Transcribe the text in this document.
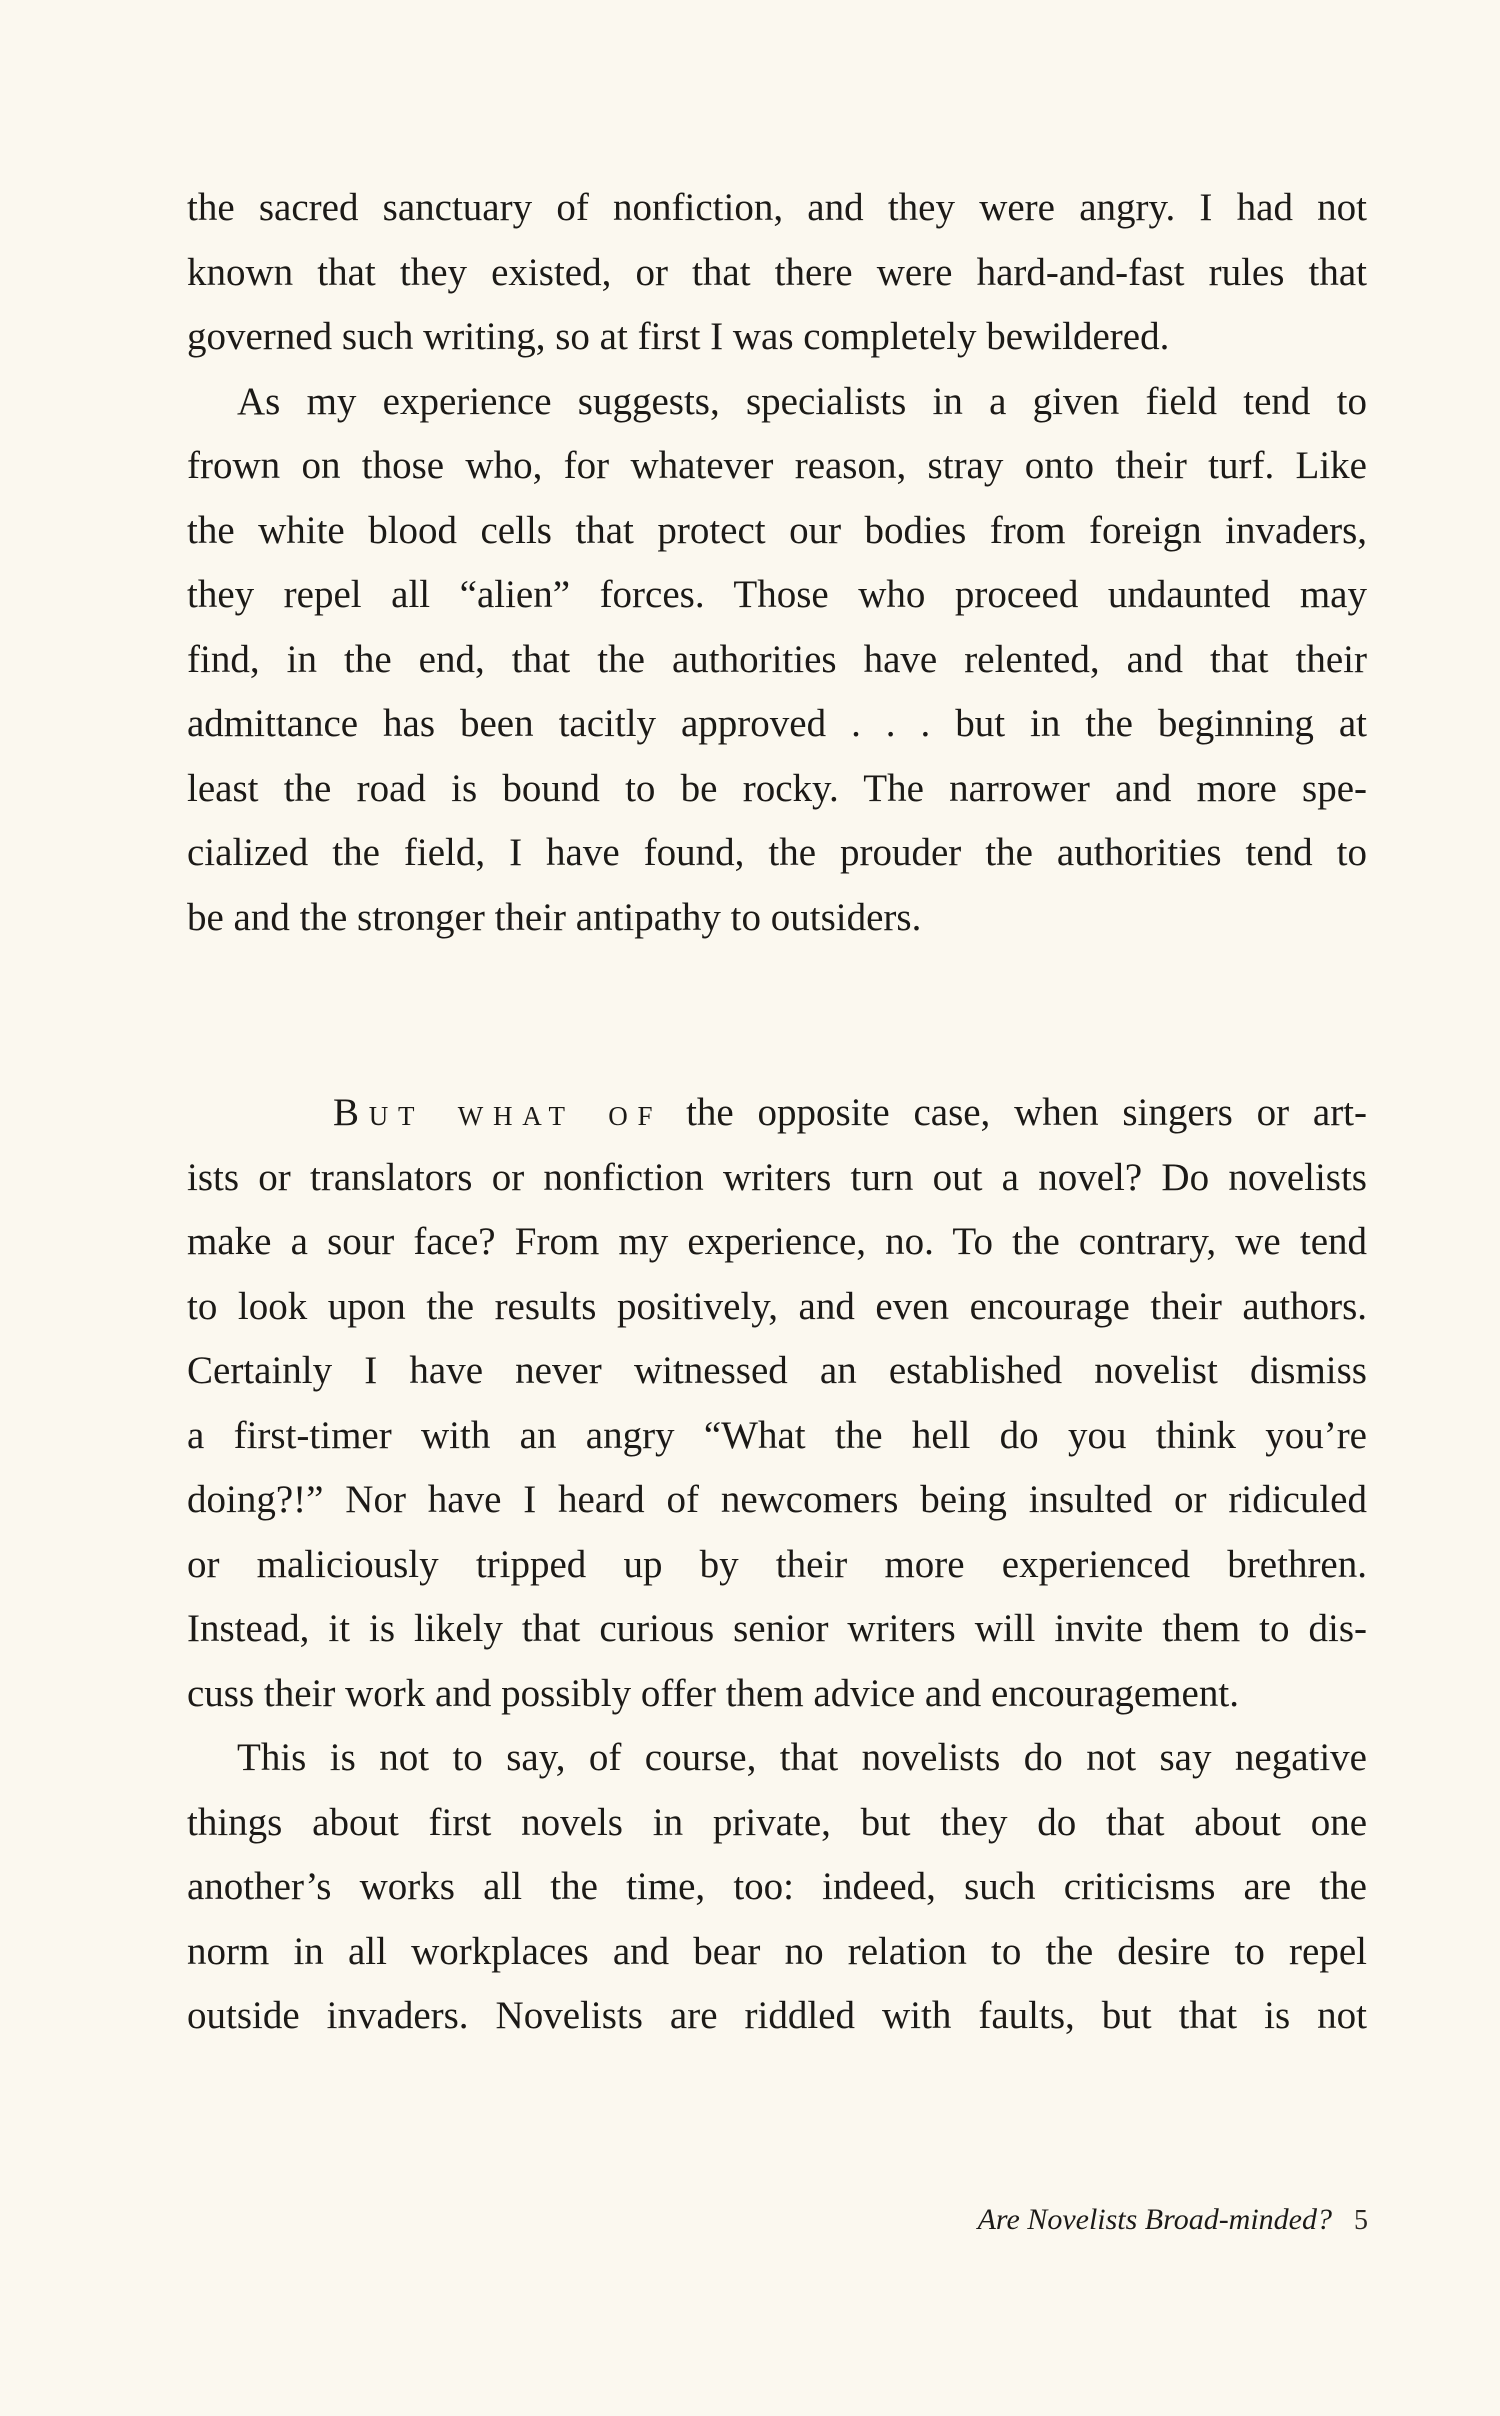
the sacred sanctuary of nonfiction, and they were angry. I had not
known that they existed, or that there were hard-and-fast rules that
governed such writing, so at first I was completely bewildered.
As my experience suggests, specialists in a given field tend to
frown on those who, for whatever reason, stray onto their turf. Like
the white blood cells that protect our bodies from foreign invaders,
they repel all “alien” forces. Those who proceed undaunted may
find, in the end, that the authorities have relented, and that their
admittance has been tacitly approved . . . but in the beginning at
least the road is bound to be rocky. The narrower and more spe-
cialized the field, I have found, the prouder the authorities tend to
be and the stronger their antipathy to outsiders.
But what of the opposite case, when singers or art-
ists or translators or nonfiction writers turn out a novel? Do novelists
make a sour face? From my experience, no. To the contrary, we tend
to look upon the results positively, and even encourage their authors.
Certainly I have never witnessed an established novelist dismiss
a first-timer with an angry “What the hell do you think you’re
doing?!” Nor have I heard of newcomers being insulted or ridiculed
or maliciously tripped up by their more experienced brethren.
Instead, it is likely that curious senior writers will invite them to dis-
cuss their work and possibly offer them advice and encouragement.
This is not to say, of course, that novelists do not say negative
things about first novels in private, but they do that about one
another’s works all the time, too: indeed, such criticisms are the
norm in all workplaces and bear no relation to the desire to repel
outside invaders. Novelists are riddled with faults, but that is not
Are Novelists Broad-minded? 5
